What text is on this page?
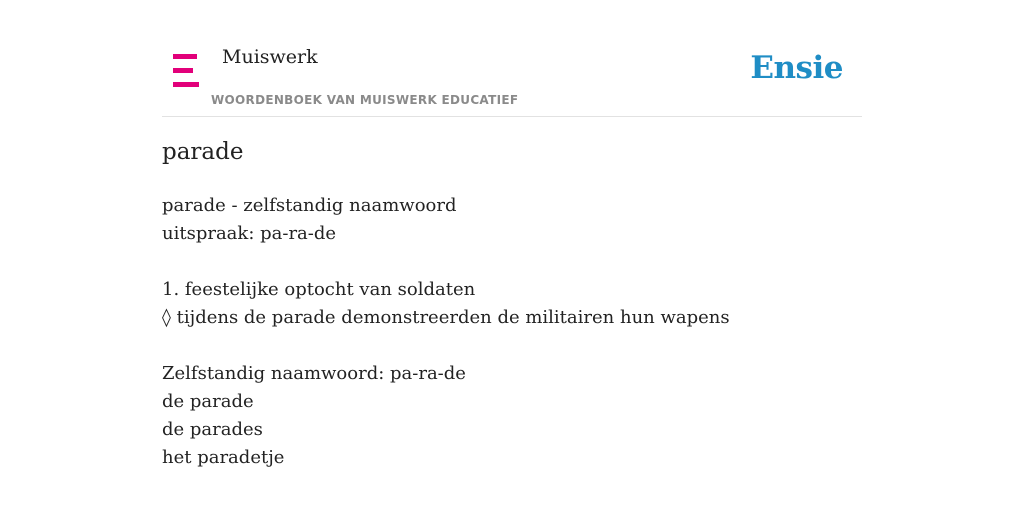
Muiswerk
WOORDENBOEK VAN MUISWERK EDUCATIEF
Ensie
parade
parade - zelfstandig naamwoord
uitspraak: pa-ra-de
1. feestelijke optocht van soldaten
◊ tijdens de parade demonstreerden de militairen hun wapens
Zelfstandig naamwoord: pa-ra-de
de parade
de parades
het paradetje
